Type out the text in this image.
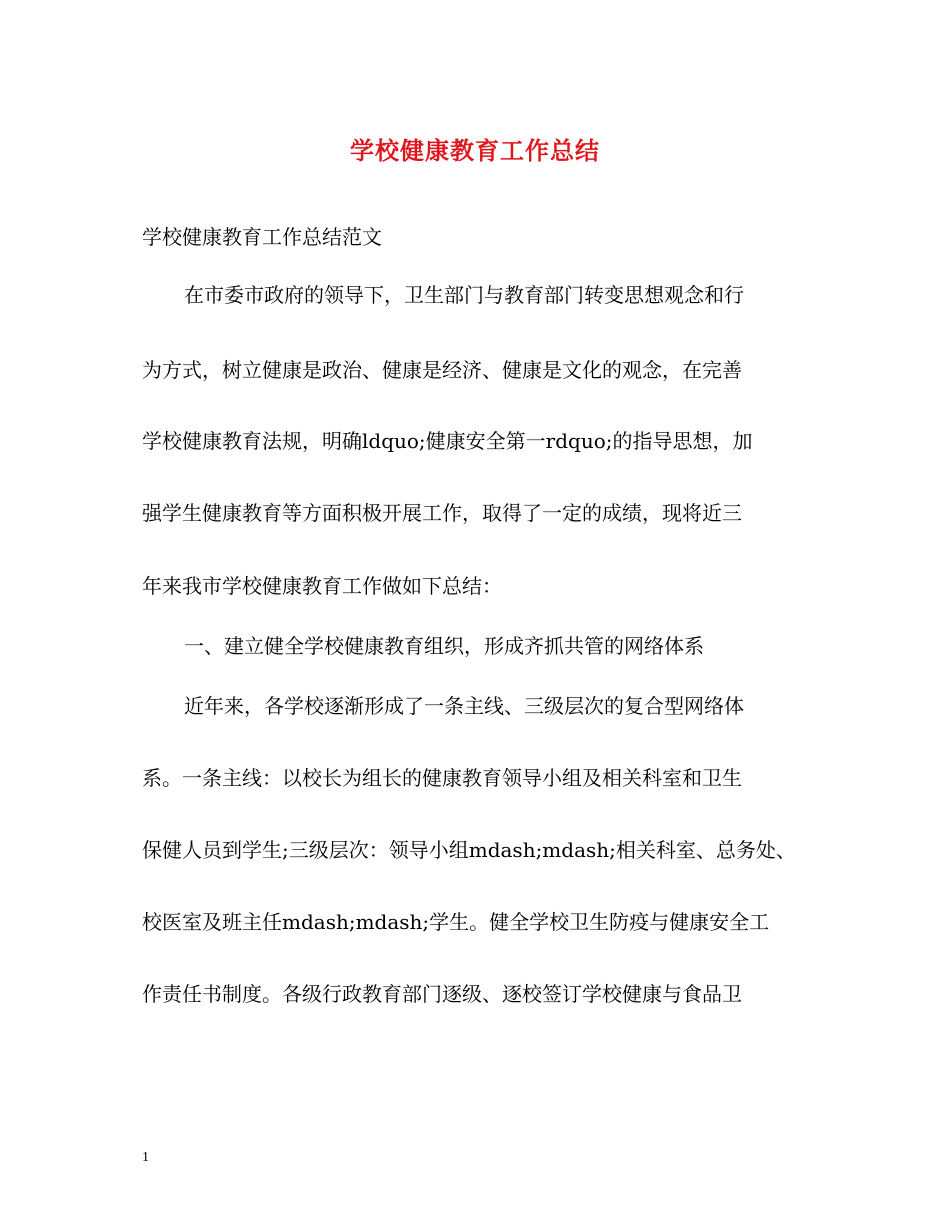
学校健康教育工作总结
学校健康教育工作总结范文
在市委市政府的领导下，卫生部门与教育部门转变思想观念和行
为方式，树立健康是政治、健康是经济、健康是文化的观念，在完善
学校健康教育法规，明确ldquo;健康安全第一rdquo;的指导思想，加
强学生健康教育等方面积极开展工作，取得了一定的成绩，现将近三
年来我市学校健康教育工作做如下总结：
一、建立健全学校健康教育组织，形成齐抓共管的网络体系
近年来，各学校逐渐形成了一条主线、三级层次的复合型网络体
系。一条主线：以校长为组长的健康教育领导小组及相关科室和卫生
保健人员到学生;三级层次：领导小组mdash;mdash;相关科室、总务处、
校医室及班主任mdash;mdash;学生。健全学校卫生防疫与健康安全工
作责任书制度。各级行政教育部门逐级、逐校签订学校健康与食品卫
1
